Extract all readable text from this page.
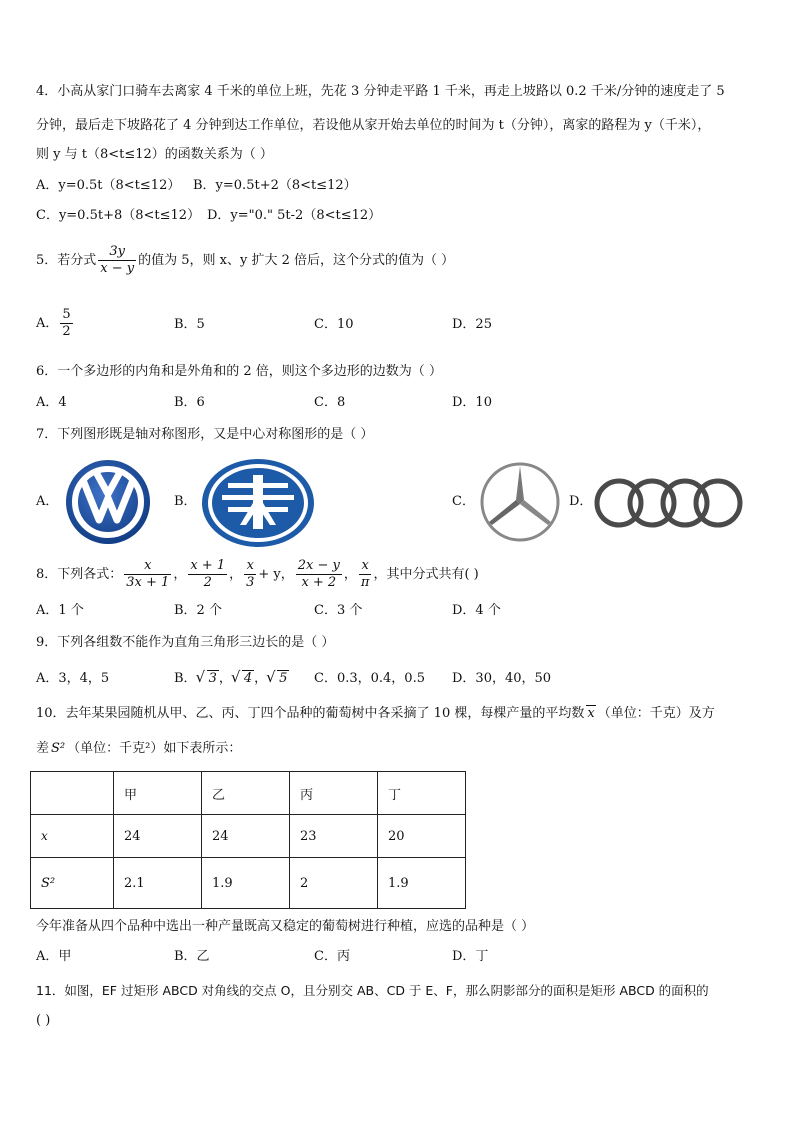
4．小高从家门口骑车去离家 4 千米的单位上班，先花 3 分钟走平路 1 千米，再走上坡路以 0.2 千米/分钟的速度走了 5
分钟，最后走下坡路花了 4 分钟到达工作单位，若设他从家开始去单位的时间为 t（分钟），离家的路程为 y（千米），
则 y 与 t（8<t≤12）的函数关系为（ ）
A．y=0.5t（8<t≤12） B．y=0.5t+2（8<t≤12）
C．y=0.5t+8（8<t≤12） D．y="0." 5t-2（8<t≤12）
5．若分式 $\frac{3y}{x - y}$ 的值为 5，则 x、y 扩大 2 倍后，这个分式的值为（ ）
A． $\frac{5}{2}$	B．5	C．10	D．25
6．一个多边形的内角和是外角和的 2 倍，则这个多边形的边数为（ ）
A．4	B．6	C．8	D．10
7．下列图形既是轴对称图形，又是中心对称图形的是（ ）
A．	B．	C．	D．
8．下列各式： $\frac{x}{3x + 1}$ ， $\frac{x + 1}{2}$ ， $\frac{x}{3} + y$， $\frac{2x - y}{x + 2}$ ， $\frac{x}{\pi}$ ，其中分式共有( )
A．1 个	B．2 个	C．3 个	D．4 个
9．下列各组数不能作为直角三角形三边长的是（ ）
A．3，4，5	B． √ 3 ， √ 4 ， √ 5 C．0.3，0.4，0.5 D．30，40，50
10．去年某果园随机从甲、乙、丙、丁四个品种的葡萄树中各采摘了 10 棵，每棵产量的平均数 x （单位：千克）及方
差 S² （单位：千克²）如下表所示：
	甲	乙	丙	丁
x	24	24	23	20
S²	2.1	1.9	2	1.9
今年准备从四个品种中选出一种产量既高又稳定的葡萄树进行种植，应选的品种是（ ）
A．甲	B．乙	C．丙	D．丁
11．如图，EF 过矩形 ABCD 对角线的交点 O，且分别交 AB、CD 于 E、F，那么阴影部分的面积是矩形 ABCD 的面积的
( )
